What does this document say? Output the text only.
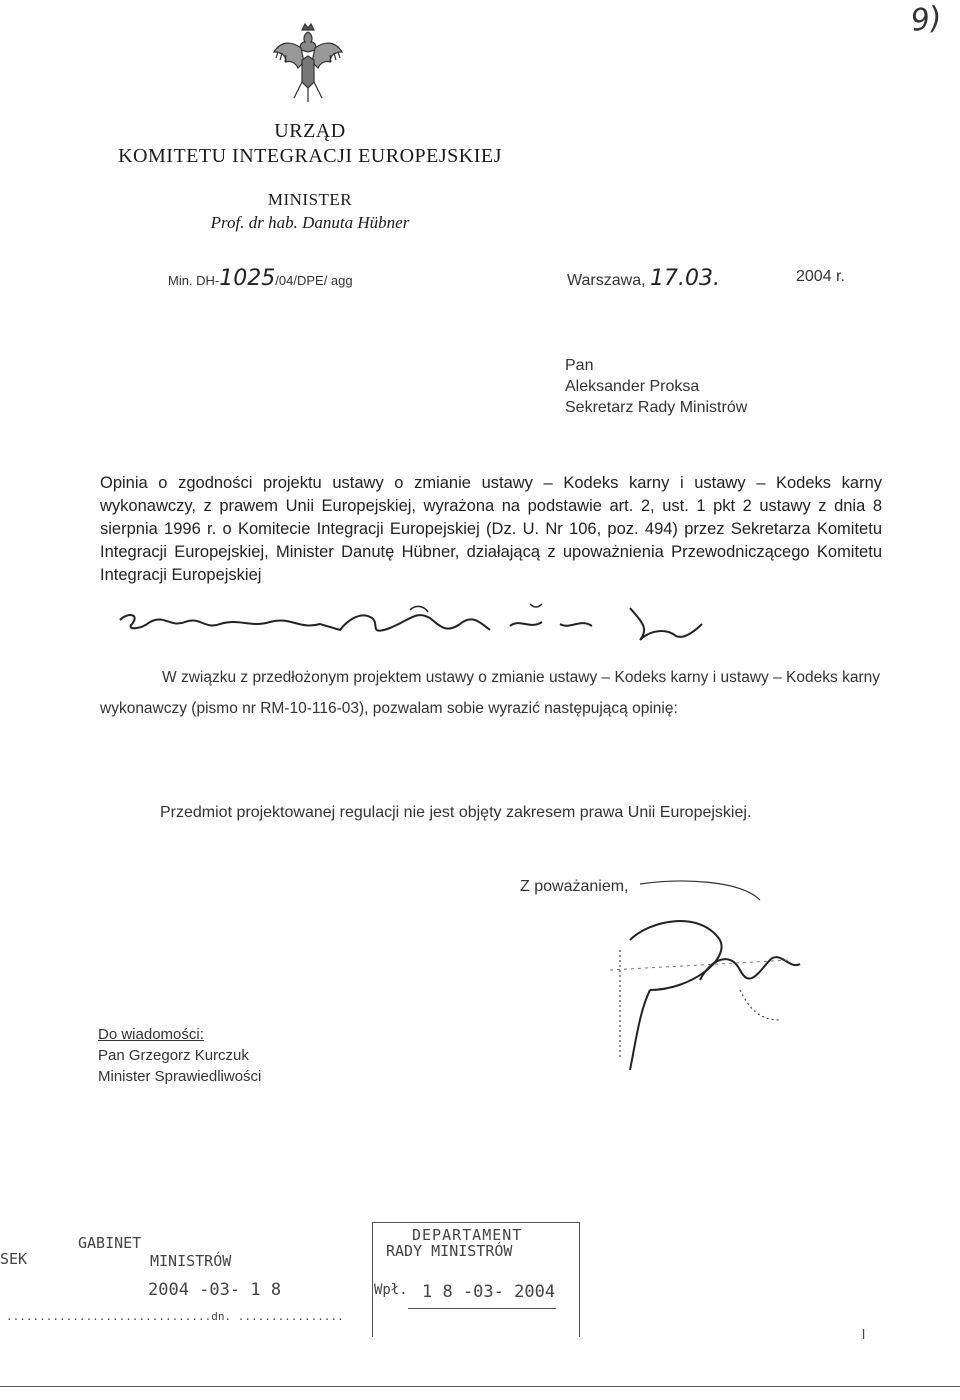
9)
URZĄD
KOMITETU INTEGRACJI EUROPEJSKIEJ
MINISTER
Prof. dr hab. Danuta Hübner
Min. DH-1025/04/DPE/ agg	Warszawa, 17.03.	2004 r.
Pan
Aleksander Proksa
Sekretarz Rady Ministrów
Opinia o zgodności projektu ustawy o zmianie ustawy – Kodeks karny i ustawy – Kodeks karny wykonawczy, z prawem Unii Europejskiej, wyrażona na podstawie art. 2, ust. 1 pkt 2 ustawy z dnia 8 sierpnia 1996 r. o Komitecie Integracji Europejskiej (Dz. U. Nr 106, poz. 494) przez Sekretarza Komitetu Integracji Europejskiej, Minister Danutę Hübner, działającą z upoważnienia Przewodniczącego Komitetu Integracji Europejskiej
W związku z przedłożonym projektem ustawy o zmianie ustawy – Kodeks karny i ustawy – Kodeks karny wykonawczy (pismo nr RM-10-116-03), pozwalam sobie wyrazić następującą opinię:
Przedmiot projektowanej regulacji nie jest objęty zakresem prawa Unii Europejskiej.
Z poważaniem,
Do wiadomości:
Pan Grzegorz Kurczuk
Minister Sprawiedliwości
GABINET
SEK	MINISTRÓW
2004 -03- 1 8
...............................dn. ................
DEPARTAMENT
RADY MINISTRÓW
Wpł. 1 8 -03- 2004
l
